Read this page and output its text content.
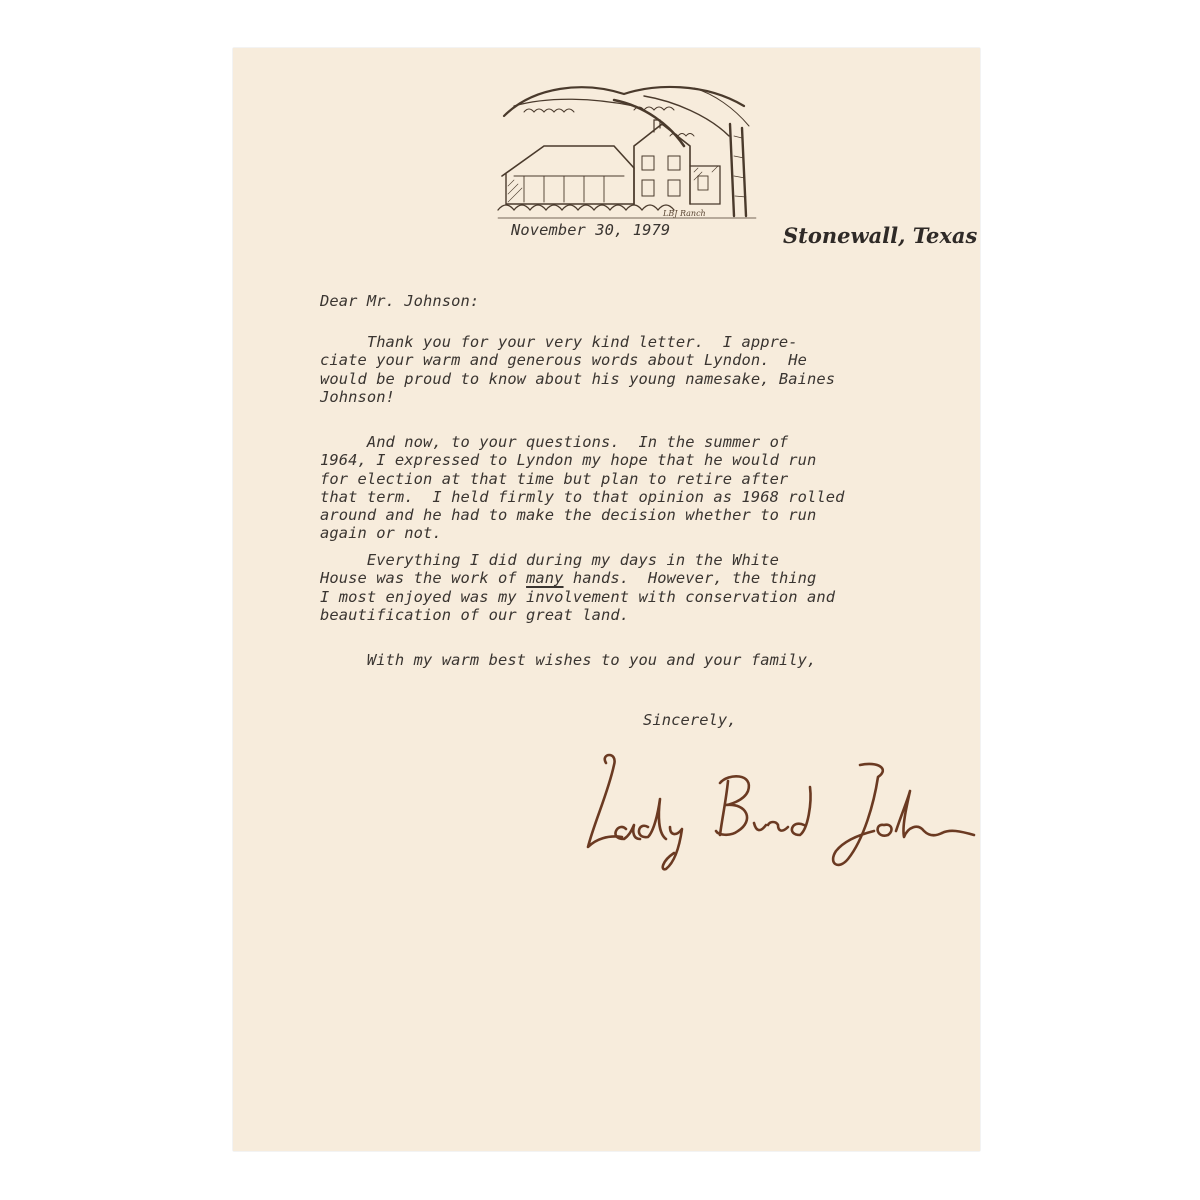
LBJ Ranch

November 30, 1979	Stonewall, Texas

Dear Mr. Johnson:

Thank you for your very kind letter.  I appre-
ciate your warm and generous words about Lyndon.  He
would be proud to know about his young namesake, Baines
Johnson!
And now, to your questions.  In the summer of
1964, I expressed to Lyndon my hope that he would run
for election at that time but plan to retire after
that term.  I held firmly to that opinion as 1968 rolled
around and he had to make the decision whether to run
again or not.
Everything I did during my days in the White
House was the work of many hands.  However, the thing
I most enjoyed was my involvement with conservation and
beautification of our great land.

With my warm best wishes to you and your family,

Sincerely,
